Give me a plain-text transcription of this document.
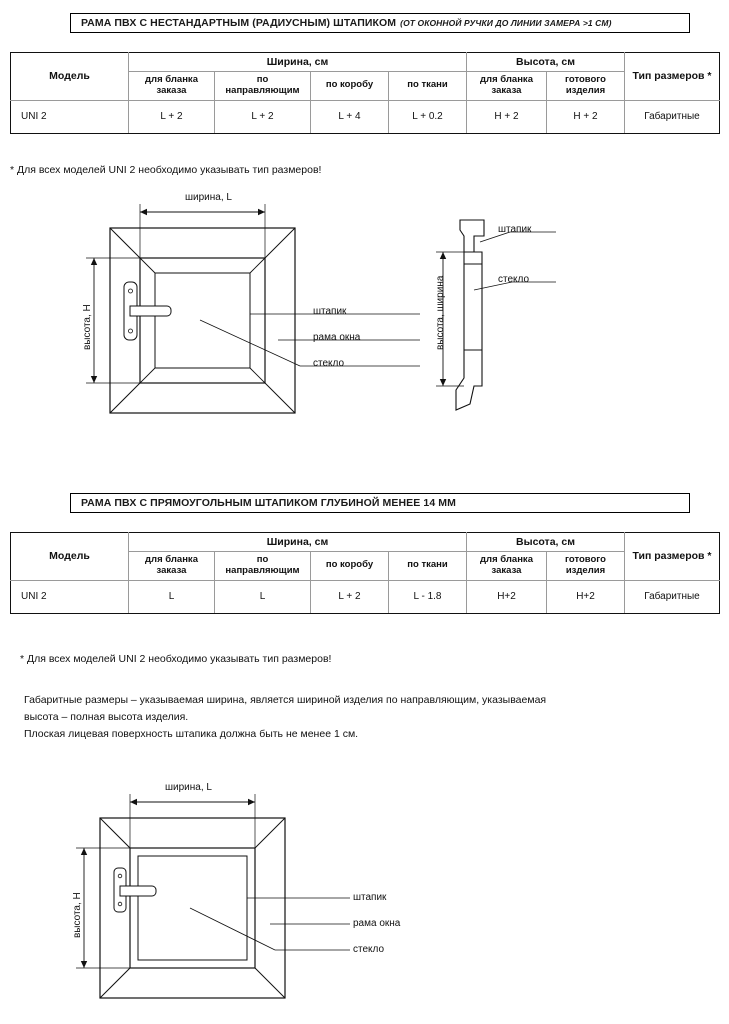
РАМА ПВХ С НЕСТАНДАРТНЫМ (РАДИУСНЫМ) ШТАПИКОМ (ОТ ОКОННОЙ РУЧКИ ДО ЛИНИИ ЗАМЕРА >1 СМ)
Модель	Ширина, см				Высота, см		Тип размеров *
	для бланка заказа	по направляющим	по коробу	по ткани	для бланка заказа	готового изделия	
UNI 2	L + 2	L + 2	L + 4	L + 0.2	H + 2	H + 2	Габаритные
* Для всех моделей UNI 2 необходимо указывать тип размеров!
ширина, L
высота, Н	штапик
рама окна
стекло
высота, ширина
штапик
стекло
РАМА ПВХ С ПРЯМОУГОЛЬНЫМ ШТАПИКОМ ГЛУБИНОЙ МЕНЕЕ 14 ММ
Модель	Ширина, см				Высота, см		Тип размеров *
	для бланка заказа	по направляющим	по коробу	по ткани	для бланка заказа	готового изделия	
UNI 2	L	L	L + 2	L - 1.8	H+2	H+2	Габаритные
* Для всех моделей UNI 2 необходимо указывать тип размеров!
Габаритные размеры – указываемая ширина, является шириной изделия по направляющим, указываемая
высота – полная высота изделия.
Плоская лицевая поверхность штапика должна быть не менее 1 см.
ширина, L
высота, Н	штапик
рама окна
стекло
